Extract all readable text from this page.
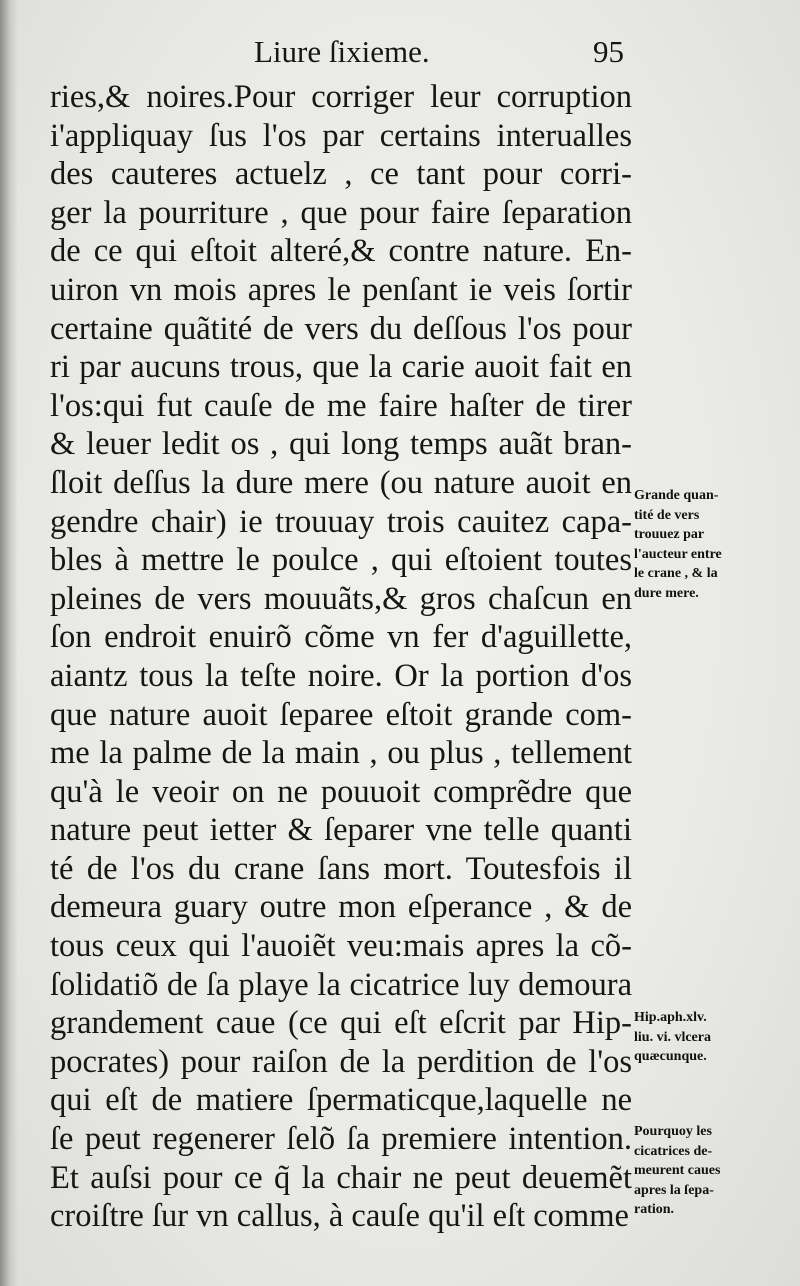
Liure ſixieme.	95
ries,& noires.Pour corriger leur corruption
i'appliquay ſus l'os par certains interualles
des cauteres actuelz , ce tant pour corri-
ger la pourriture , que pour faire ſeparation
de ce qui eſtoit alteré,& contre nature. En-
uiron vn mois apres le penſant ie veis ſortir
certaine quãtité de vers du deſſous l'os pour
ri par aucuns trous, que la carie auoit fait en
l'os:qui fut cauſe de me faire haſter de tirer
& leuer ledit os , qui long temps auãt bran-
ſloit deſſus la dure mere (ou nature auoit en
gendre chair) ie trouuay trois cauitez capa-
bles à mettre le poulce , qui eſtoient toutes
pleines de vers mouuãts,& gros chaſcun en
ſon endroit enuirõ cõme vn fer d'aguillette,
aiantz tous la teſte noire. Or la portion d'os
que nature auoit ſeparee eſtoit grande com-
me la palme de la main , ou plus , tellement
qu'à le veoir on ne pouuoit comprẽdre que
nature peut ietter & ſeparer vne telle quanti
té de l'os du crane ſans mort. Toutesfois il
demeura guary outre mon eſperance , & de
tous ceux qui l'auoiẽt veu:mais apres la cõ-
ſolidatiõ de ſa playe la cicatrice luy demoura
grandement caue (ce qui eſt eſcrit par Hip-
pocrates) pour raiſon de la perdition de l'os
qui eſt de matiere ſpermaticque,laquelle ne
ſe peut regenerer ſelõ ſa premiere intention.
Et auſsi pour ce q̃ la chair ne peut deuemẽt
croiſtre ſur vn callus, à cauſe qu'il eſt comme
Grande quan-
tité de vers
trouuez par
l'aucteur entre
le crane , & la
dure mere.
Hip.aph.xlv.
liu. vi. vlcera
quæcunque.
Pourquoy les
cicatrices de-
meurent caues
apres la ſepa-
ration.
